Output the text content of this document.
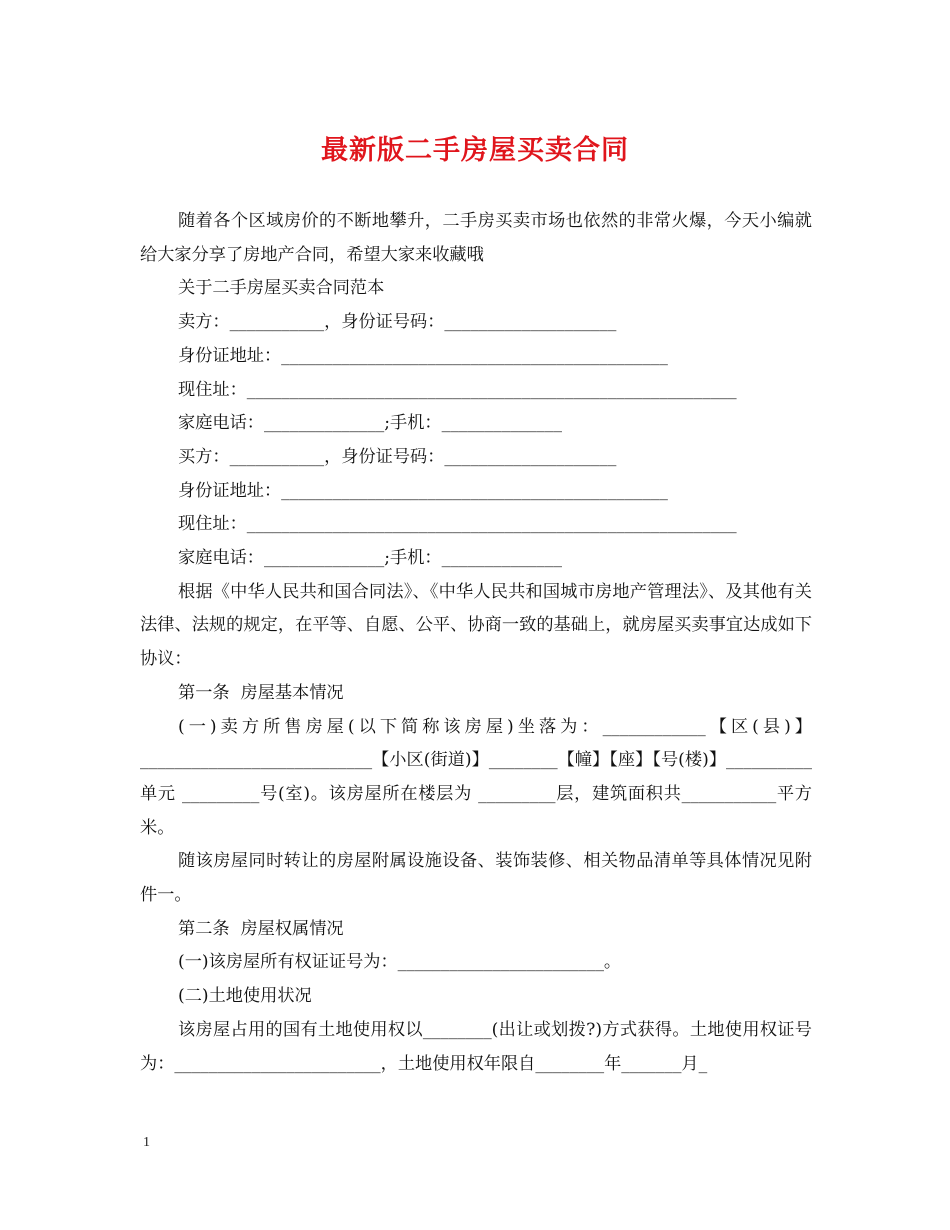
最新版二手房屋买卖合同

随着各个区域房价的不断地攀升，二手房买卖市场也依然的非常火爆，今天小编就给大家分享了房地产合同，希望大家来收藏哦

关于二手房屋买卖合同范本

卖方：___________，身份证号码：____________________

身份证地址：_____________________________________________

现住址：_________________________________________________________

家庭电话：______________;手机：______________

买方：___________，身份证号码：____________________

身份证地址：_____________________________________________

现住址：_________________________________________________________

家庭电话：______________;手机：______________

根据《中华人民共和国合同法》、《中华人民共和国城市房地产管理法》、及其他有关法律、法规的规定，在平等、自愿、公平、协商一致的基础上，就房屋买卖事宜达成如下协议：

第一条  房屋基本情况

(一)卖方所售房屋(以下简称该房屋)坐落为：____________【区(县)】 ___________________________【小区(街道)】________【幢】【座】【号(楼)】__________单元 _________号(室)。该房屋所在楼层为 _________层，建筑面积共___________平方米。

随该房屋同时转让的房屋附属设施设备、装饰装修、相关物品清单等具体情况见附件一。

第二条  房屋权属情况

(一)该房屋所有权证证号为：________________________。

(二)土地使用状况

该房屋占用的国有土地使用权以________(出让或划拨?)方式获得。土地使用权证号为：________________________，土地使用权年限自________年_______月_

1
